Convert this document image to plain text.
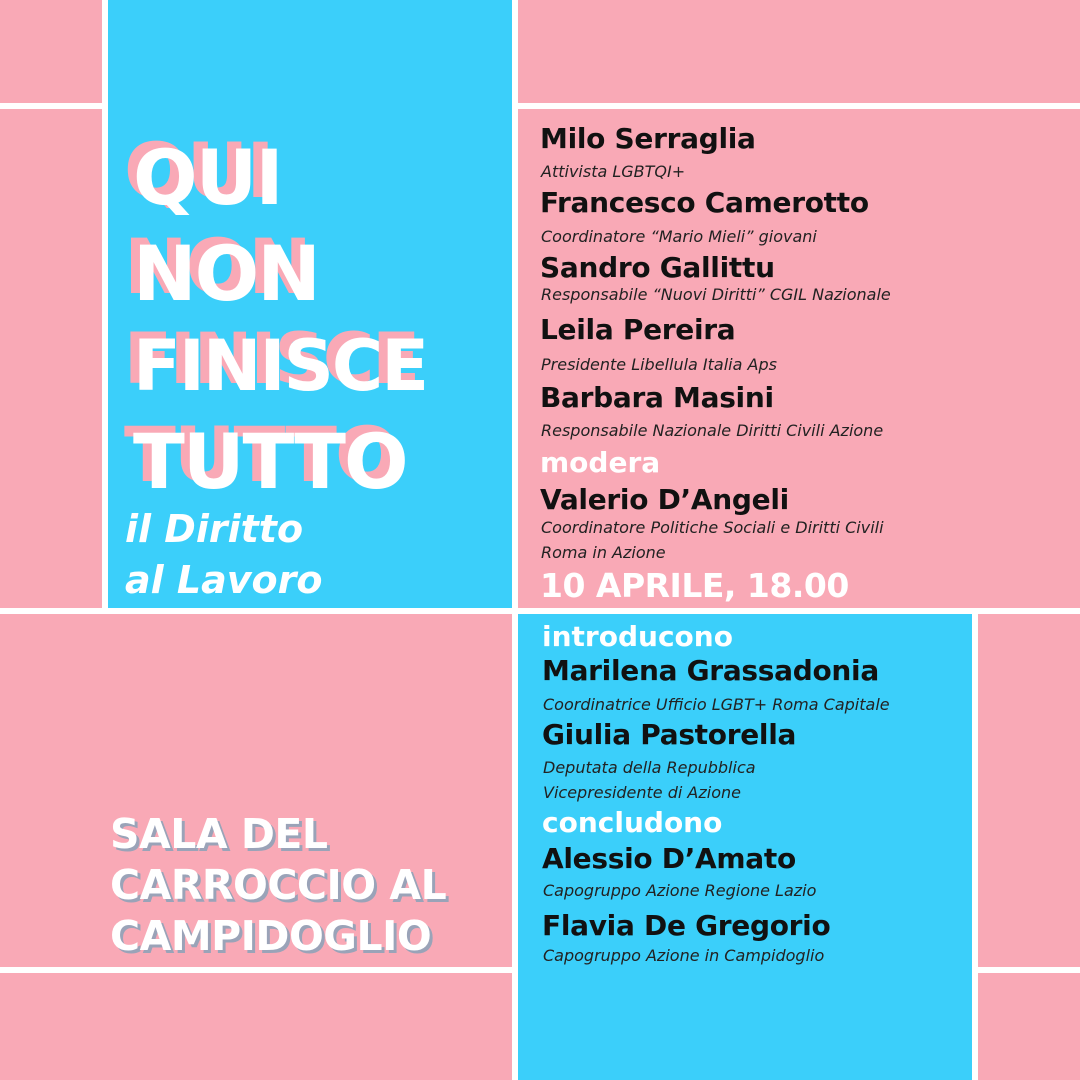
QUI
NON
FINISCE
TUTTO
il Diritto
al Lavoro
Milo Serraglia
Attivista LGBTQI+
Francesco Camerotto
Coordinatore “Mario Mieli” giovani
Sandro Gallittu
Responsabile “Nuovi Diritti” CGIL Nazionale
Leila Pereira
Presidente Libellula Italia Aps
Barbara Masini
Responsabile Nazionale Diritti Civili Azione
modera
Valerio D’Angeli
Coordinatore Politiche Sociali e Diritti Civili
Roma in Azione
10 APRILE, 18.00
introducono
Marilena Grassadonia
Coordinatrice Ufficio LGBT+ Roma Capitale
Giulia Pastorella
Deputata della Repubblica
Vicepresidente di Azione
concludono
Alessio D’Amato
Capogruppo Azione Regione Lazio
Flavia De Gregorio
Capogruppo Azione in Campidoglio
SALA DEL
CARROCCIO AL
CAMPIDOGLIO
